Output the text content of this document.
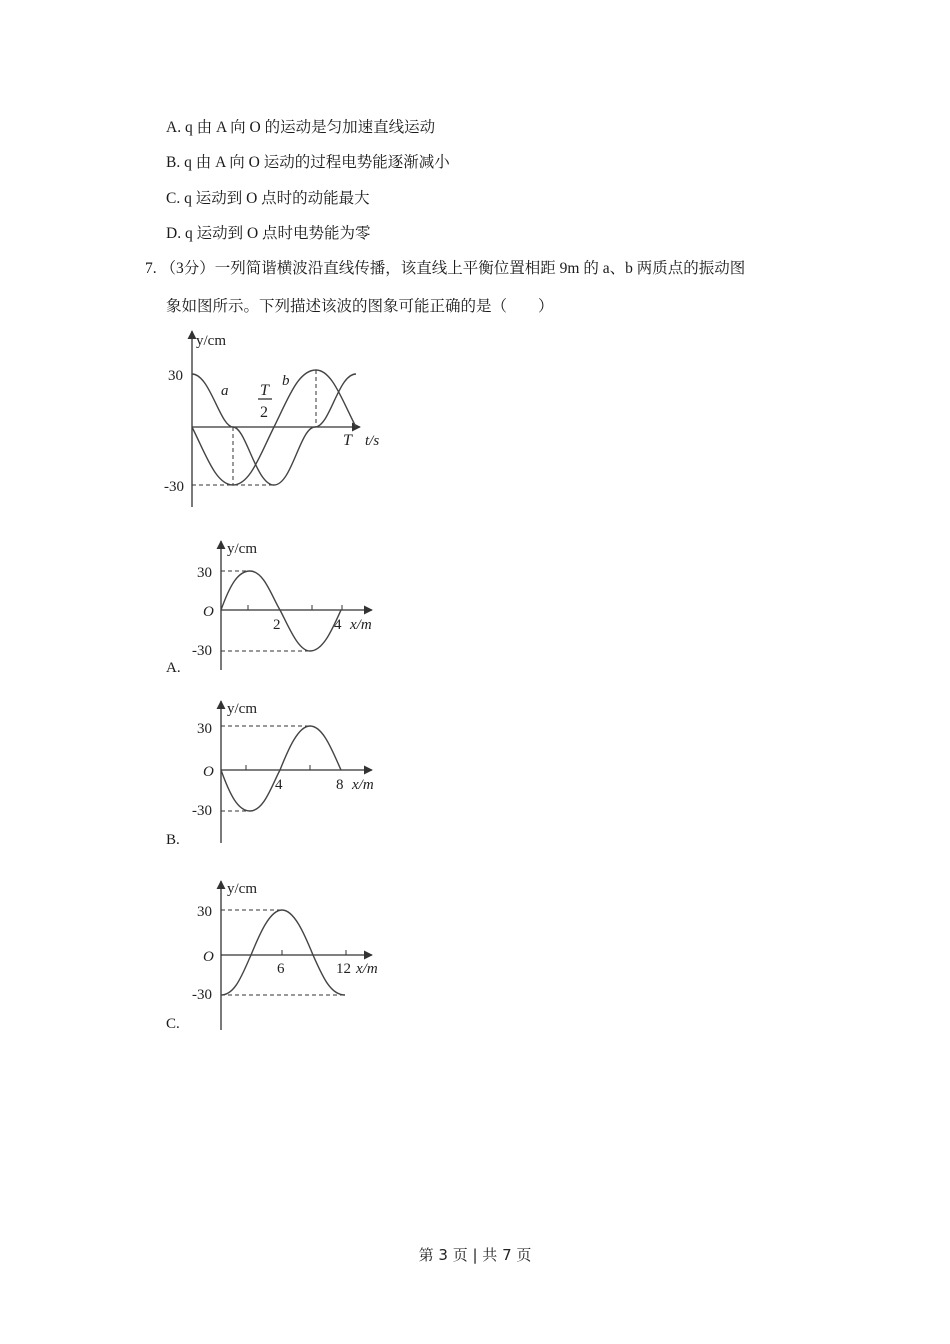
A. q 由 A 向 O 的运动是匀加速直线运动
B. q 由 A 向 O 运动的过程电势能逐渐减小
C. q 运动到 O 点时的动能最大
D. q 运动到 O 点时电势能为零
7. （3分）一列简谐横波沿直线传播，该直线上平衡位置相距 9m 的 a、b 两质点的振动图
象如图所示。下列描述该波的图象可能正确的是（　　）
y/cm
30
-30
a
b
T
2
T t/s
y/cm
30
O
-30
2	4 x/m
A.
y/cm
30
O
-30
4	8 x/m
B.
y/cm
30
O
-30
6	12 x/m
C.
第 3 页 | 共 7 页
